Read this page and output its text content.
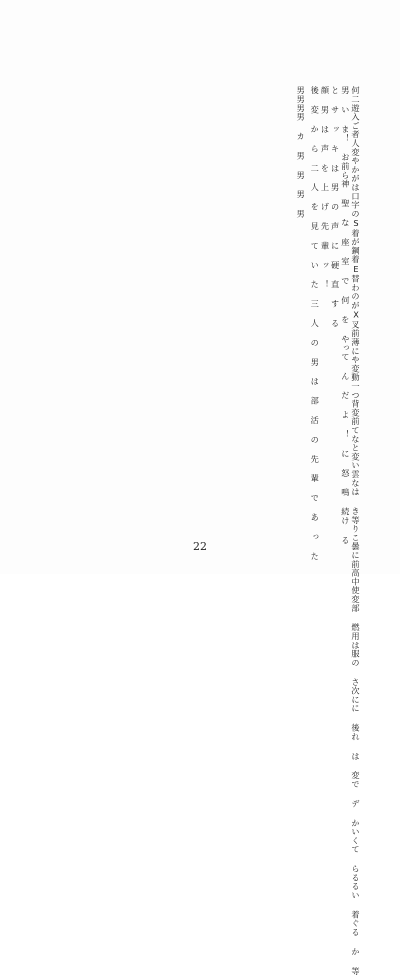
何二遊入ご者人変やかがは口字のS着が鋼着E替わのがX叉前薄にや変動一つ背変前てなと変い雲なは き等りこ曇に前高中使変部 燃用は服の さ次にに 後れ は 変で デ かいくて らるるい 着ぐる か 等
男 い ま！ お前ら神 聖 な 座 室 で 何 を やって ん だ よ ！ に 怒 鳴 続け る
と サ ッ キ は 男 の 声 に 硬 直 す る
顔 男 は 声 を 上 げ 先 輩 ッ ！
後 変 か ら 二 人 を 見 て い た 三 人 の 男 は 部 活 の 先 輩 で あ っ た
男男男男 カ 男 男 男 男
22
